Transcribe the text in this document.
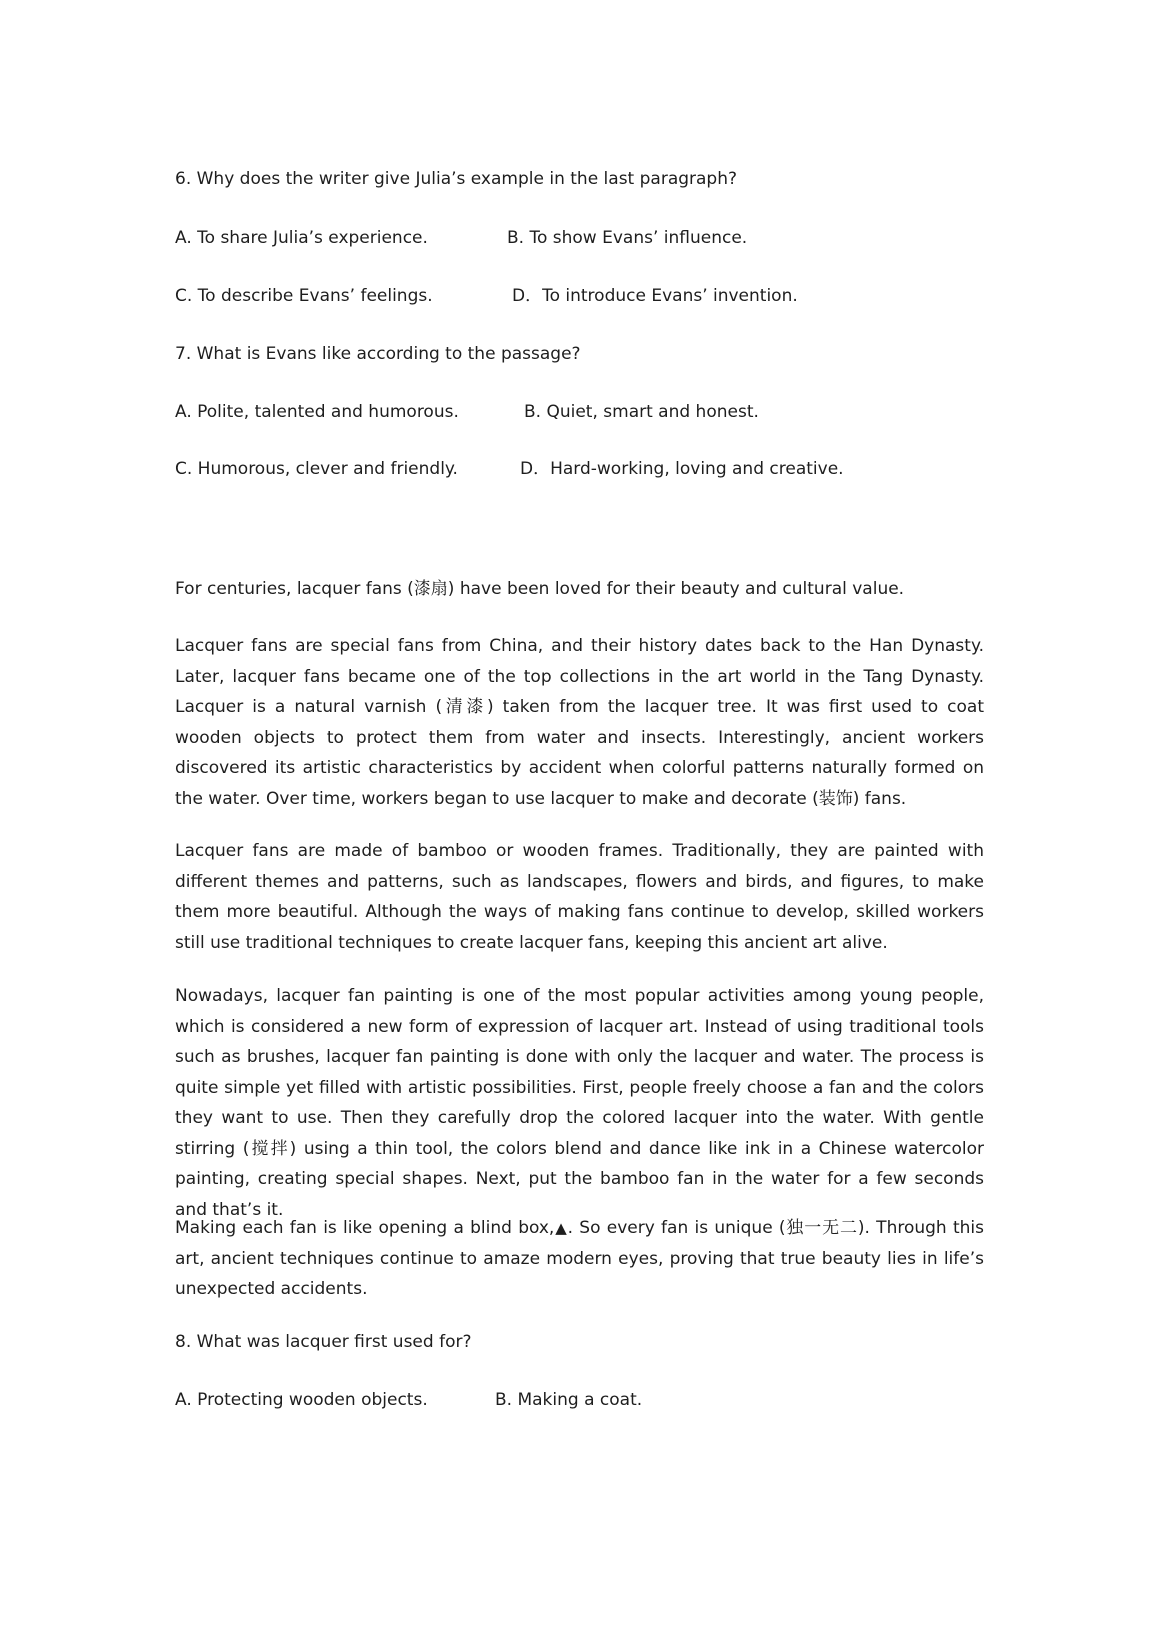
6. Why does the writer give Julia’s example in the last paragraph?
A. To share Julia’s experience.	B. To show Evans’ influence.
C. To describe Evans’ feelings.	D．To introduce Evans’ invention.
7. What is Evans like according to the passage?
A. Polite, talented and humorous.	B. Quiet, smart and honest.
C. Humorous, clever and friendly.	D．Hard-working, loving and creative.
For centuries, lacquer fans (漆扇) have been loved for their beauty and cultural value.
Lacquer fans are special fans from China, and their history dates back to the Han Dynasty. Later, lacquer fans became one of the top collections in the art world in the Tang Dynasty. Lacquer is a natural varnish (清漆) taken from the lacquer tree. It was first used to coat wooden objects to protect them from water and insects. Interestingly, ancient workers discovered its artistic characteristics by accident when colorful patterns naturally formed on the water. Over time, workers began to use lacquer to make and decorate (装饰) fans.
Lacquer fans are made of bamboo or wooden frames. Traditionally, they are painted with different themes and patterns, such as landscapes, flowers and birds, and figures, to make them more beautiful. Although the ways of making fans continue to develop, skilled workers still use traditional techniques to create lacquer fans, keeping this ancient art alive.
Nowadays, lacquer fan painting is one of the most popular activities among young people, which is considered a new form of expression of lacquer art. Instead of using traditional tools such as brushes, lacquer fan painting is done with only the lacquer and water. The process is quite simple yet filled with artistic possibilities. First, people freely choose a fan and the colors they want to use. Then they carefully drop the colored lacquer into the water. With gentle stirring (搅拌) using a thin tool, the colors blend and dance like ink in a Chinese watercolor painting, creating special shapes. Next, put the bamboo fan in the water for a few seconds and that’s it.
Making each fan is like opening a blind box,▲. So every fan is unique (独一无二). Through this art, ancient techniques continue to amaze modern eyes, proving that true beauty lies in life’s unexpected accidents.
8. What was lacquer first used for?
A. Protecting wooden objects.	B. Making a coat.
